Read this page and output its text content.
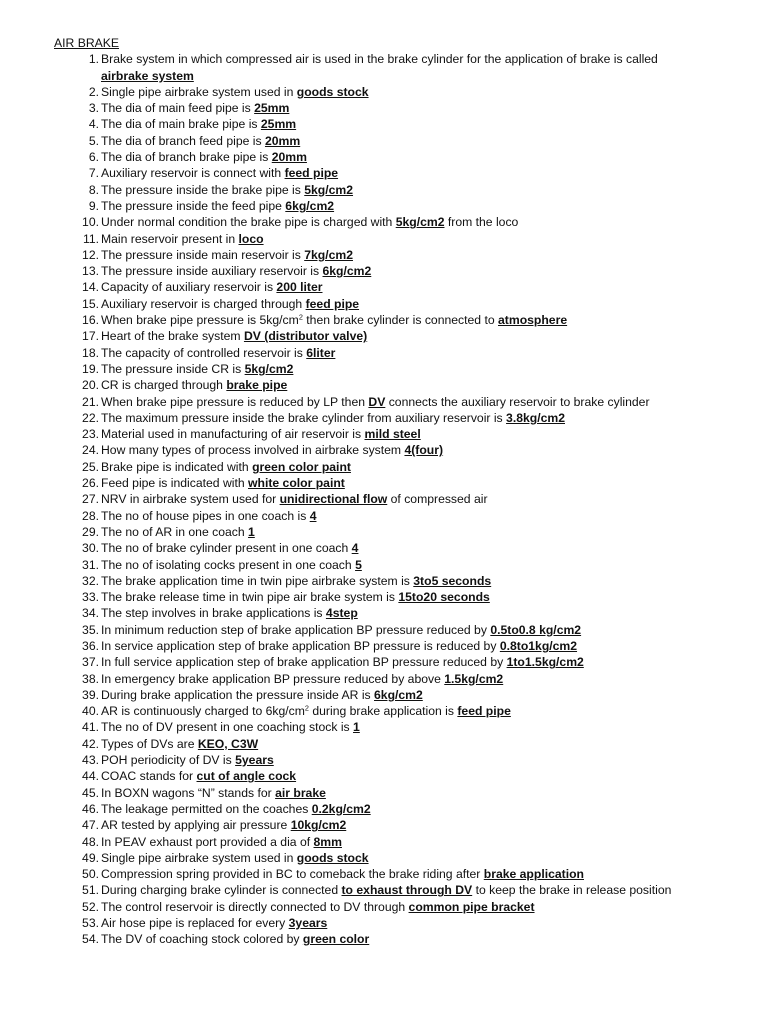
AIR BRAKE
1. Brake system in which compressed air is used in the brake cylinder for the application of brake is called airbrake system
2. Single pipe airbrake system used in goods stock
3. The dia of main feed pipe is 25mm
4. The dia of main brake pipe is 25mm
5. The dia of branch feed pipe is 20mm
6. The dia of branch brake pipe is 20mm
7. Auxiliary reservoir is connect with feed pipe
8. The pressure inside the brake pipe is 5kg/cm2
9. The pressure inside the feed pipe 6kg/cm2
10. Under normal condition the brake pipe is charged with 5kg/cm2 from the loco
11. Main reservoir present in loco
12. The pressure inside main reservoir is 7kg/cm2
13. The pressure inside auxiliary reservoir is 6kg/cm2
14. Capacity of auxiliary reservoir is 200 liter
15. Auxiliary reservoir is charged through feed pipe
16. When brake pipe pressure is $5kg/cm^2$ then brake cylinder is connected to atmosphere
17. Heart of the brake system DV (distributor valve)
18. The capacity of controlled reservoir is 6liter
19. The pressure inside CR is 5kg/cm2
20. CR is charged through brake pipe
21. When brake pipe pressure is reduced by LP then DV connects the auxiliary reservoir to brake cylinder
22. The maximum pressure inside the brake cylinder from auxiliary reservoir is 3.8kg/cm2
23. Material used in manufacturing of air reservoir is mild steel
24. How many types of process involved in airbrake system 4(four)
25. Brake pipe is indicated with green color paint
26. Feed pipe is indicated with white color paint
27. NRV in airbrake system used for unidirectional flow of compressed air
28. The no of house pipes in one coach is 4
29. The no of AR in one coach 1
30. The no of brake cylinder present in one coach 4
31. The no of isolating cocks present in one coach 5
32. The brake application time in twin pipe airbrake system is 3to5 seconds
33. The brake release time in twin pipe air brake system is 15to20 seconds
34. The step involves in brake applications is 4step
35. In minimum reduction step of brake application BP pressure reduced by 0.5to0.8 kg/cm2
36. In service application step of brake application BP pressure is reduced by 0.8to1kg/cm2
37. In full service application step of brake application BP pressure reduced by 1to1.5kg/cm2
38. In emergency brake application BP pressure reduced by above 1.5kg/cm2
39. During brake application the pressure inside AR is 6kg/cm2
40. AR is continuously charged to $6kg/cm^2$ during brake application is feed pipe
41. The no of DV present in one coaching stock is 1
42. Types of DVs are KEO, C3W
43. POH periodicity of DV is 5years
44. COAC stands for cut of angle cock
45. In BOXN wagons “N” stands for air brake
46. The leakage permitted on the coaches 0.2kg/cm2
47. AR tested by applying air pressure 10kg/cm2
48. In PEAV exhaust port provided a dia of 8mm
49. Single pipe airbrake system used in goods stock
50. Compression spring provided in BC to comeback the brake riding after brake application
51. During charging brake cylinder is connected to exhaust through DV to keep the brake in release position
52. The control reservoir is directly connected to DV through common pipe bracket
53. Air hose pipe is replaced for every 3years
54. The DV of coaching stock colored by green color
